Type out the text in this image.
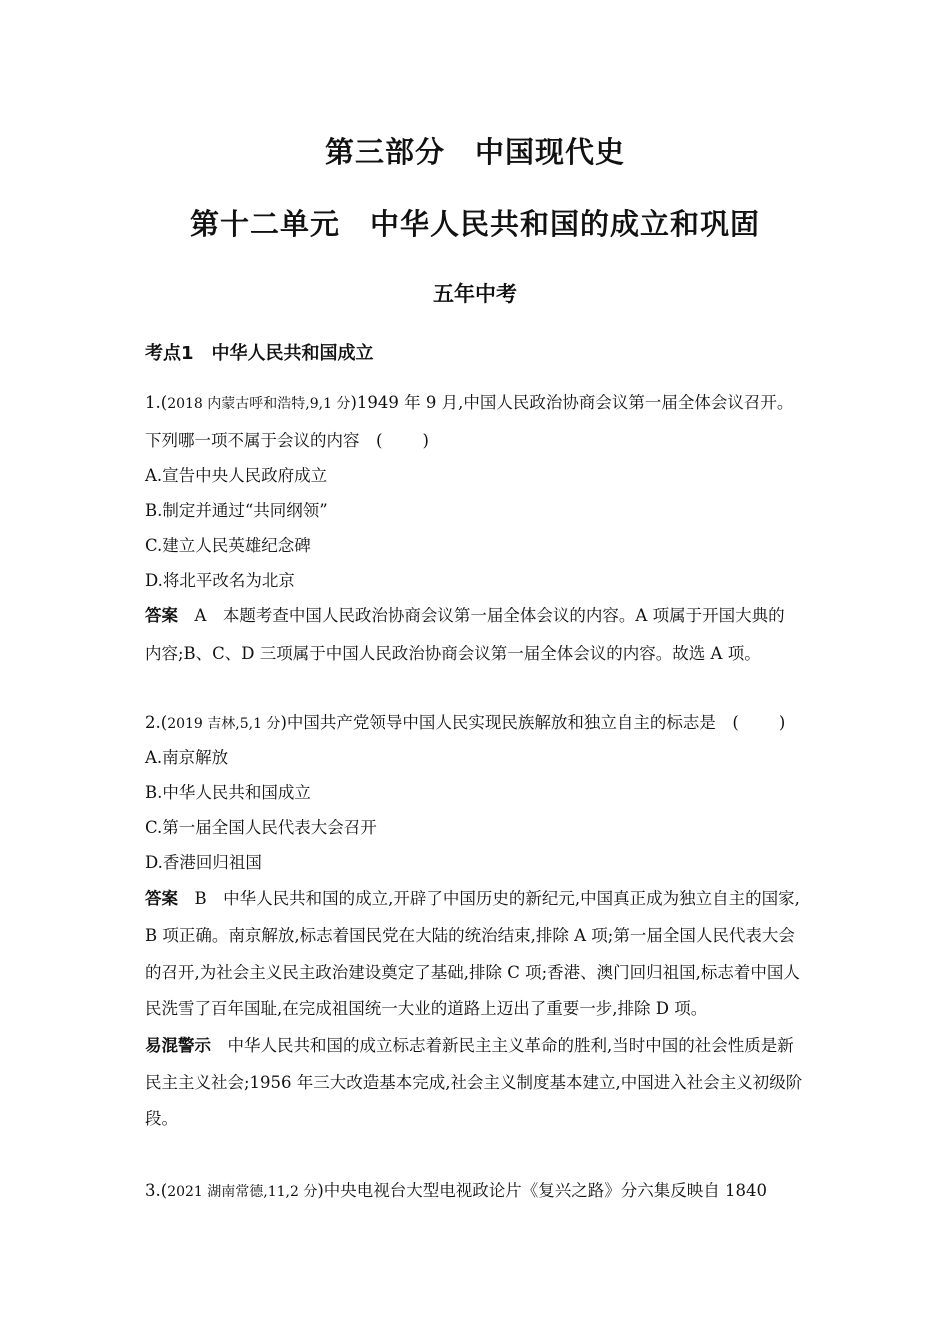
第三部分　中国现代史
第十二单元　中华人民共和国的成立和巩固
五年中考
考点1　中华人民共和国成立
1.(2018 内蒙古呼和浩特,9,1 分)1949 年 9 月,中国人民政治协商会议第一届全体会议召开。
下列哪一项不属于会议的内容　( )
A.宣告中央人民政府成立
B.制定并通过“共同纲领”
C.建立人民英雄纪念碑
D.将北平改名为北京
答案　A　本题考查中国人民政治协商会议第一届全体会议的内容。A 项属于开国大典的
内容;B、C、D 三项属于中国人民政治协商会议第一届全体会议的内容。故选 A 项。
2.(2019 吉林,5,1 分)中国共产党领导中国人民实现民族解放和独立自主的标志是　( )
A.南京解放
B.中华人民共和国成立
C.第一届全国人民代表大会召开
D.香港回归祖国
答案　B　中华人民共和国的成立,开辟了中国历史的新纪元,中国真正成为独立自主的国家,
B 项正确。南京解放,标志着国民党在大陆的统治结束,排除 A 项;第一届全国人民代表大会
的召开,为社会主义民主政治建设奠定了基础,排除 C 项;香港、澳门回归祖国,标志着中国人
民洗雪了百年国耻,在完成祖国统一大业的道路上迈出了重要一步,排除 D 项。
易混警示　中华人民共和国的成立标志着新民主主义革命的胜利,当时中国的社会性质是新
民主主义社会;1956 年三大改造基本完成,社会主义制度基本建立,中国进入社会主义初级阶
段。
3.(2021 湖南常德,11,2 分)中央电视台大型电视政论片《复兴之路》分六集反映自 1840
